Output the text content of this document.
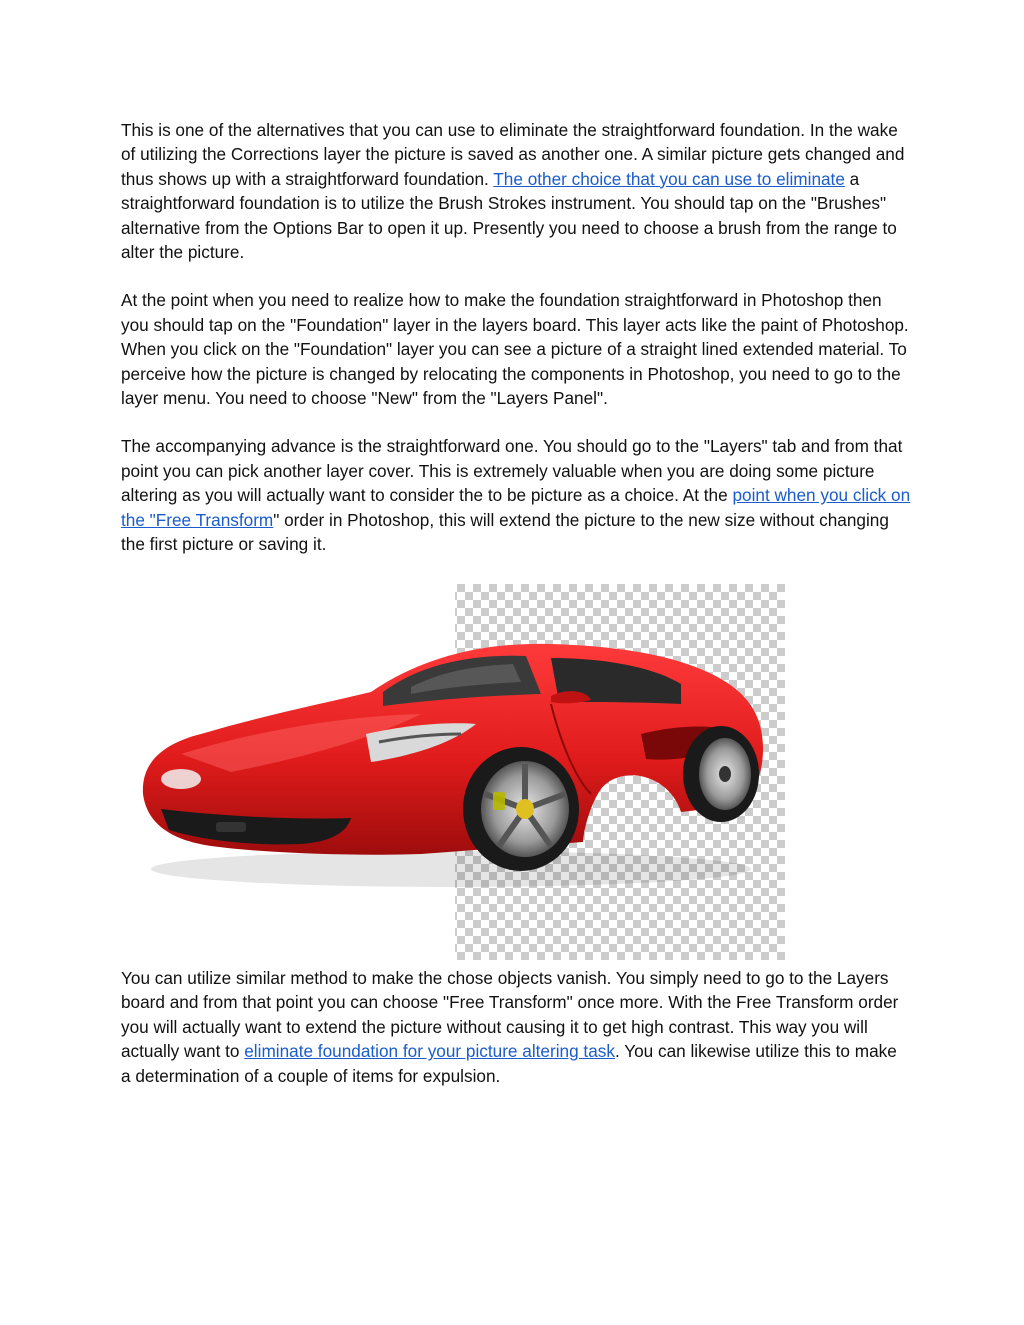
This is one of the alternatives that you can use to eliminate the straightforward foundation. In the wake of utilizing the Corrections layer the picture is saved as another one. A similar picture gets changed and thus shows up with a straightforward foundation. The other choice that you can use to eliminate a straightforward foundation is to utilize the Brush Strokes instrument. You should tap on the "Brushes" alternative from the Options Bar to open it up. Presently you need to choose a brush from the range to alter the picture.

At the point when you need to realize how to make the foundation straightforward in Photoshop then you should tap on the "Foundation" layer in the layers board. This layer acts like the paint of Photoshop. When you click on the "Foundation" layer you can see a picture of a straight lined extended material. To perceive how the picture is changed by relocating the components in Photoshop, you need to go to the layer menu. You need to choose "New" from the "Layers Panel".

The accompanying advance is the straightforward one. You should go to the "Layers" tab and from that point you can pick another layer cover. This is extremely valuable when you are doing some picture altering as you will actually want to consider the to be picture as a choice. At the point when you click on the "Free Transform" order in Photoshop, this will extend the picture to the new size without changing the first picture or saving it.

You can utilize similar method to make the chose objects vanish. You simply need to go to the Layers board and from that point you can choose "Free Transform" once more. With the Free Transform order you will actually want to extend the picture without causing it to get high contrast. This way you will actually want to eliminate foundation for your picture altering task. You can likewise utilize this to make a determination of a couple of items for expulsion.
